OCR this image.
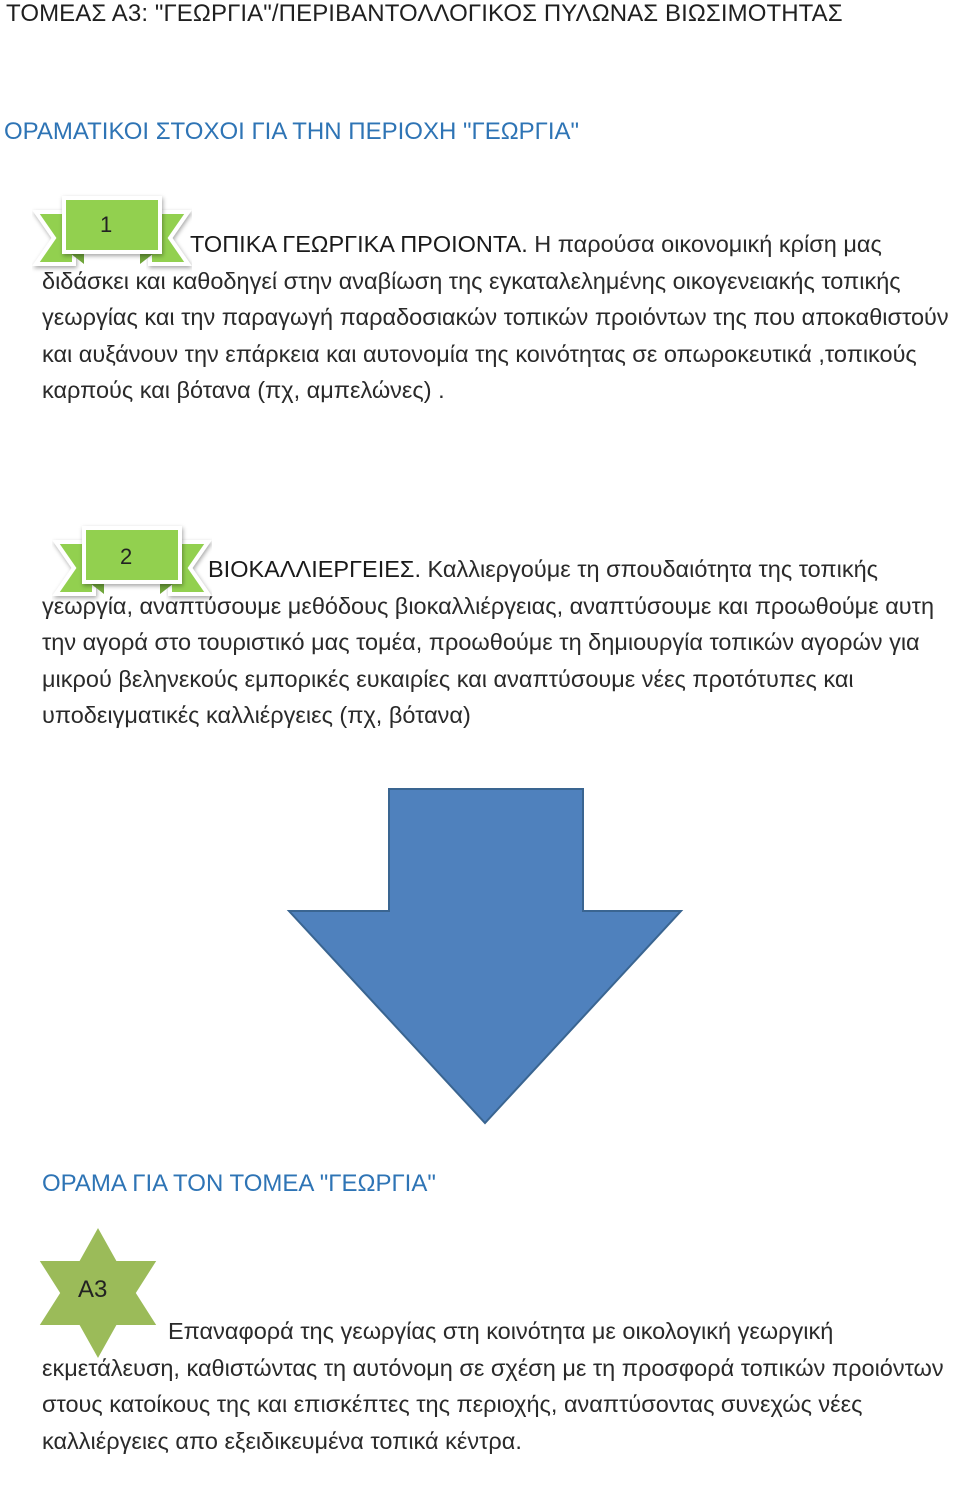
ΤΟΜΕΑΣ Α3: "ΓΕΩΡΓΙΑ"/ΠΕΡΙΒΑΝΤΟΛΛΟΓΙΚΟΣ ΠΥΛΩΝΑΣ ΒΙΩΣΙΜΟΤΗΤΑΣ
ΟΡΑΜΑΤΙΚΟΙ ΣΤΟΧΟΙ ΓΙΑ ΤΗΝ ΠΕΡΙΟΧΗ "ΓΕΩΡΓΙΑ"
1
ΤΟΠΙΚΑ ΓΕΩΡΓΙΚΑ ΠΡΟΙΟΝΤΑ. Η παρούσα οικονομική κρίση μας διδάσκει και καθοδηγεί στην αναβίωση της εγκαταλελημένης οικογενειακής τοπικής γεωργίας και την παραγωγή παραδοσιακών τοπικών προιόντων της που αποκαθιστούν και αυξάνουν την επάρκεια και αυτονομία της κοινότητας σε οπωροκευτικά ,τοπικούς καρπούς και βότανα (πχ, αμπελώνες) .
2	ΒΙΟΚΑΛΛΙΕΡΓΕΙΕΣ. Καλλιεργούμε τη σπουδαιότητα της τοπικής γεωργία, αναπτύσουμε μεθόδους βιοκαλλιέργειας, αναπτύσουμε και προωθούμε αυτη την αγορά στο τουριστικό μας τομέα, προωθούμε τη δημιουργία τοπικών αγορών για μικρού βεληνεκούς εμπορικές ευκαιρίες και αναπτύσουμε νέες προτότυπες και υποδειγματικές καλλιέργειες (πχ, βότανα)
ΟΡΑΜΑ ΓΙΑ ΤΟΝ ΤΟΜΕΑ "ΓΕΩΡΓΙΑ"
Α3
Επαναφορά της γεωργίας στη κοινότητα με οικολογική γεωργική εκμετάλευση, καθιστώντας τη αυτόνομη σε σχέση με τη προσφορά τοπικών προιόντων στους κατοίκους της και επισκέπτες της περιοχής, αναπτύσοντας συνεχώς νέες καλλιέργειες απο εξειδικευμένα τοπικά κέντρα.
